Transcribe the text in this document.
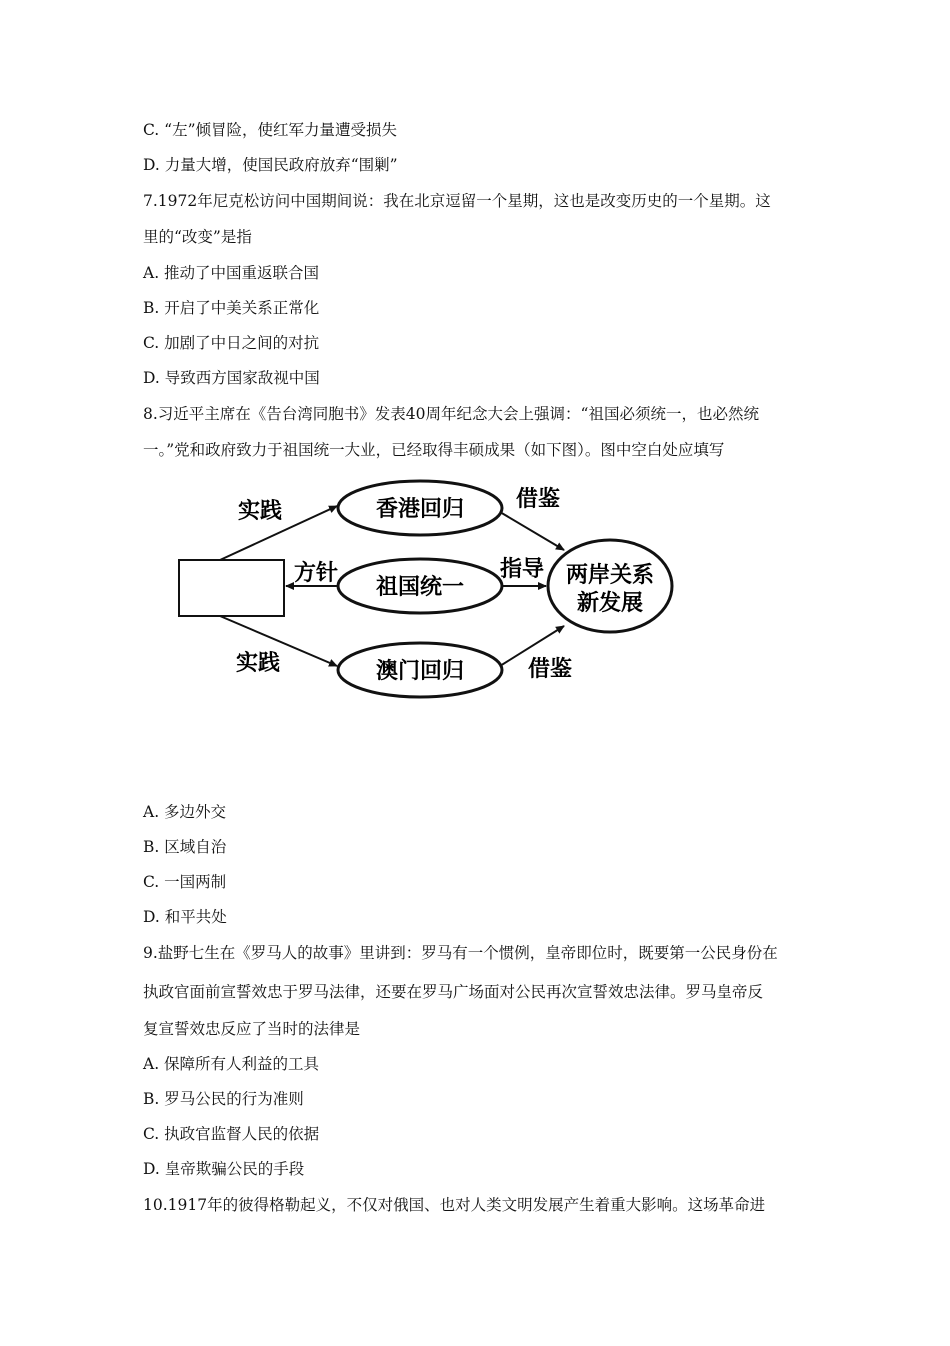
C. “左”倾冒险，使红军力量遭受损失
D. 力量大增，使国民政府放弃“围剿”
7.1972年尼克松访问中国期间说：我在北京逗留一个星期，这也是改变历史的一个星期。这
里的“改变”是指
A. 推动了中国重返联合国
B. 开启了中美关系正常化
C. 加剧了中日之间的对抗
D. 导致西方国家敌视中国
8.习近平主席在《告台湾同胞书》发表40周年纪念大会上强调：“祖国必须统一，也必然统
一。”党和政府致力于祖国统一大业，已经取得丰硕成果（如下图）。图中空白处应填写
实践	香港回归 借鉴
方针
祖国统一
指导 两岸关系
新发展
实践	澳门回归	借鉴
A. 多边外交
B. 区域自治
C. 一国两制
D. 和平共处
9.盐野七生在《罗马人的故事》里讲到：罗马有一个惯例，皇帝即位时，既要第一公民身份在
执政官面前宣誓效忠于罗马法律，还要在罗马广场面对公民再次宣誓效忠法律。罗马皇帝反
复宣誓效忠反应了当时的法律是
A. 保障所有人利益的工具
B. 罗马公民的行为准则
C. 执政官监督人民的依据
D. 皇帝欺骗公民的手段
10.1917年的彼得格勒起义，不仅对俄国、也对人类文明发展产生着重大影响。这场革命进
